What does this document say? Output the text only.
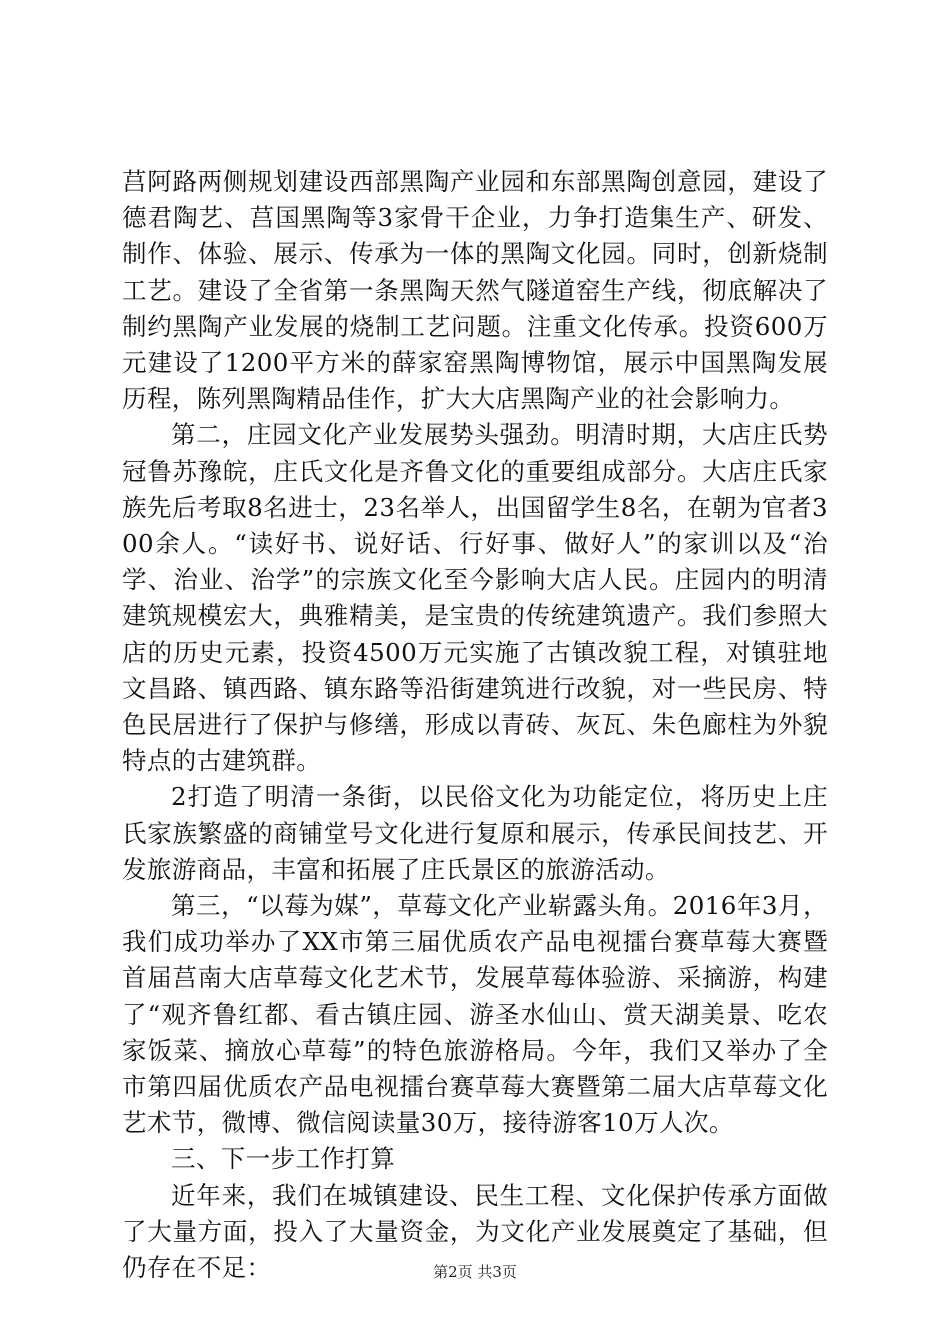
莒阿路两侧规划建设西部黑陶产业园和东部黑陶创意园，建设了德君陶艺、莒国黑陶等3家骨干企业，力争打造集生产、研发、制作、体验、展示、传承为一体的黑陶文化园。同时，创新烧制工艺。建设了全省第一条黑陶天然气隧道窑生产线，彻底解决了制约黑陶产业发展的烧制工艺问题。注重文化传承。投资600万元建设了1200平方米的薛家窑黑陶博物馆，展示中国黑陶发展历程，陈列黑陶精品佳作，扩大大店黑陶产业的社会影响力。

第二，庄园文化产业发展势头强劲。明清时期，大店庄氏势冠鲁苏豫皖，庄氏文化是齐鲁文化的重要组成部分。大店庄氏家族先后考取8名进士，23名举人，出国留学生8名，在朝为官者300余人。“读好书、说好话、行好事、做好人”的家训以及“治学、治业、治学”的宗族文化至今影响大店人民。庄园内的明清建筑规模宏大，典雅精美，是宝贵的传统建筑遗产。我们参照大店的历史元素，投资4500万元实施了古镇改貌工程，对镇驻地文昌路、镇西路、镇东路等沿街建筑进行改貌，对一些民房、特色民居进行了保护与修缮，形成以青砖、灰瓦、朱色廊柱为外貌特点的古建筑群。

2打造了明清一条街，以民俗文化为功能定位，将历史上庄氏家族繁盛的商铺堂号文化进行复原和展示，传承民间技艺、开发旅游商品，丰富和拓展了庄氏景区的旅游活动。

第三，“以莓为媒”，草莓文化产业崭露头角。2016年3月，我们成功举办了XX市第三届优质农产品电视擂台赛草莓大赛暨首届莒南大店草莓文化艺术节，发展草莓体验游、采摘游，构建了“观齐鲁红都、看古镇庄园、游圣水仙山、赏天湖美景、吃农家饭菜、摘放心草莓”的特色旅游格局。今年，我们又举办了全市第四届优质农产品电视擂台赛草莓大赛暨第二届大店草莓文化艺术节，微博、微信阅读量30万，接待游客10万人次。

三、下一步工作打算

近年来，我们在城镇建设、民生工程、文化保护传承方面做了大量方面，投入了大量资金，为文化产业发展奠定了基础，但仍存在不足：	第2页 共3页
